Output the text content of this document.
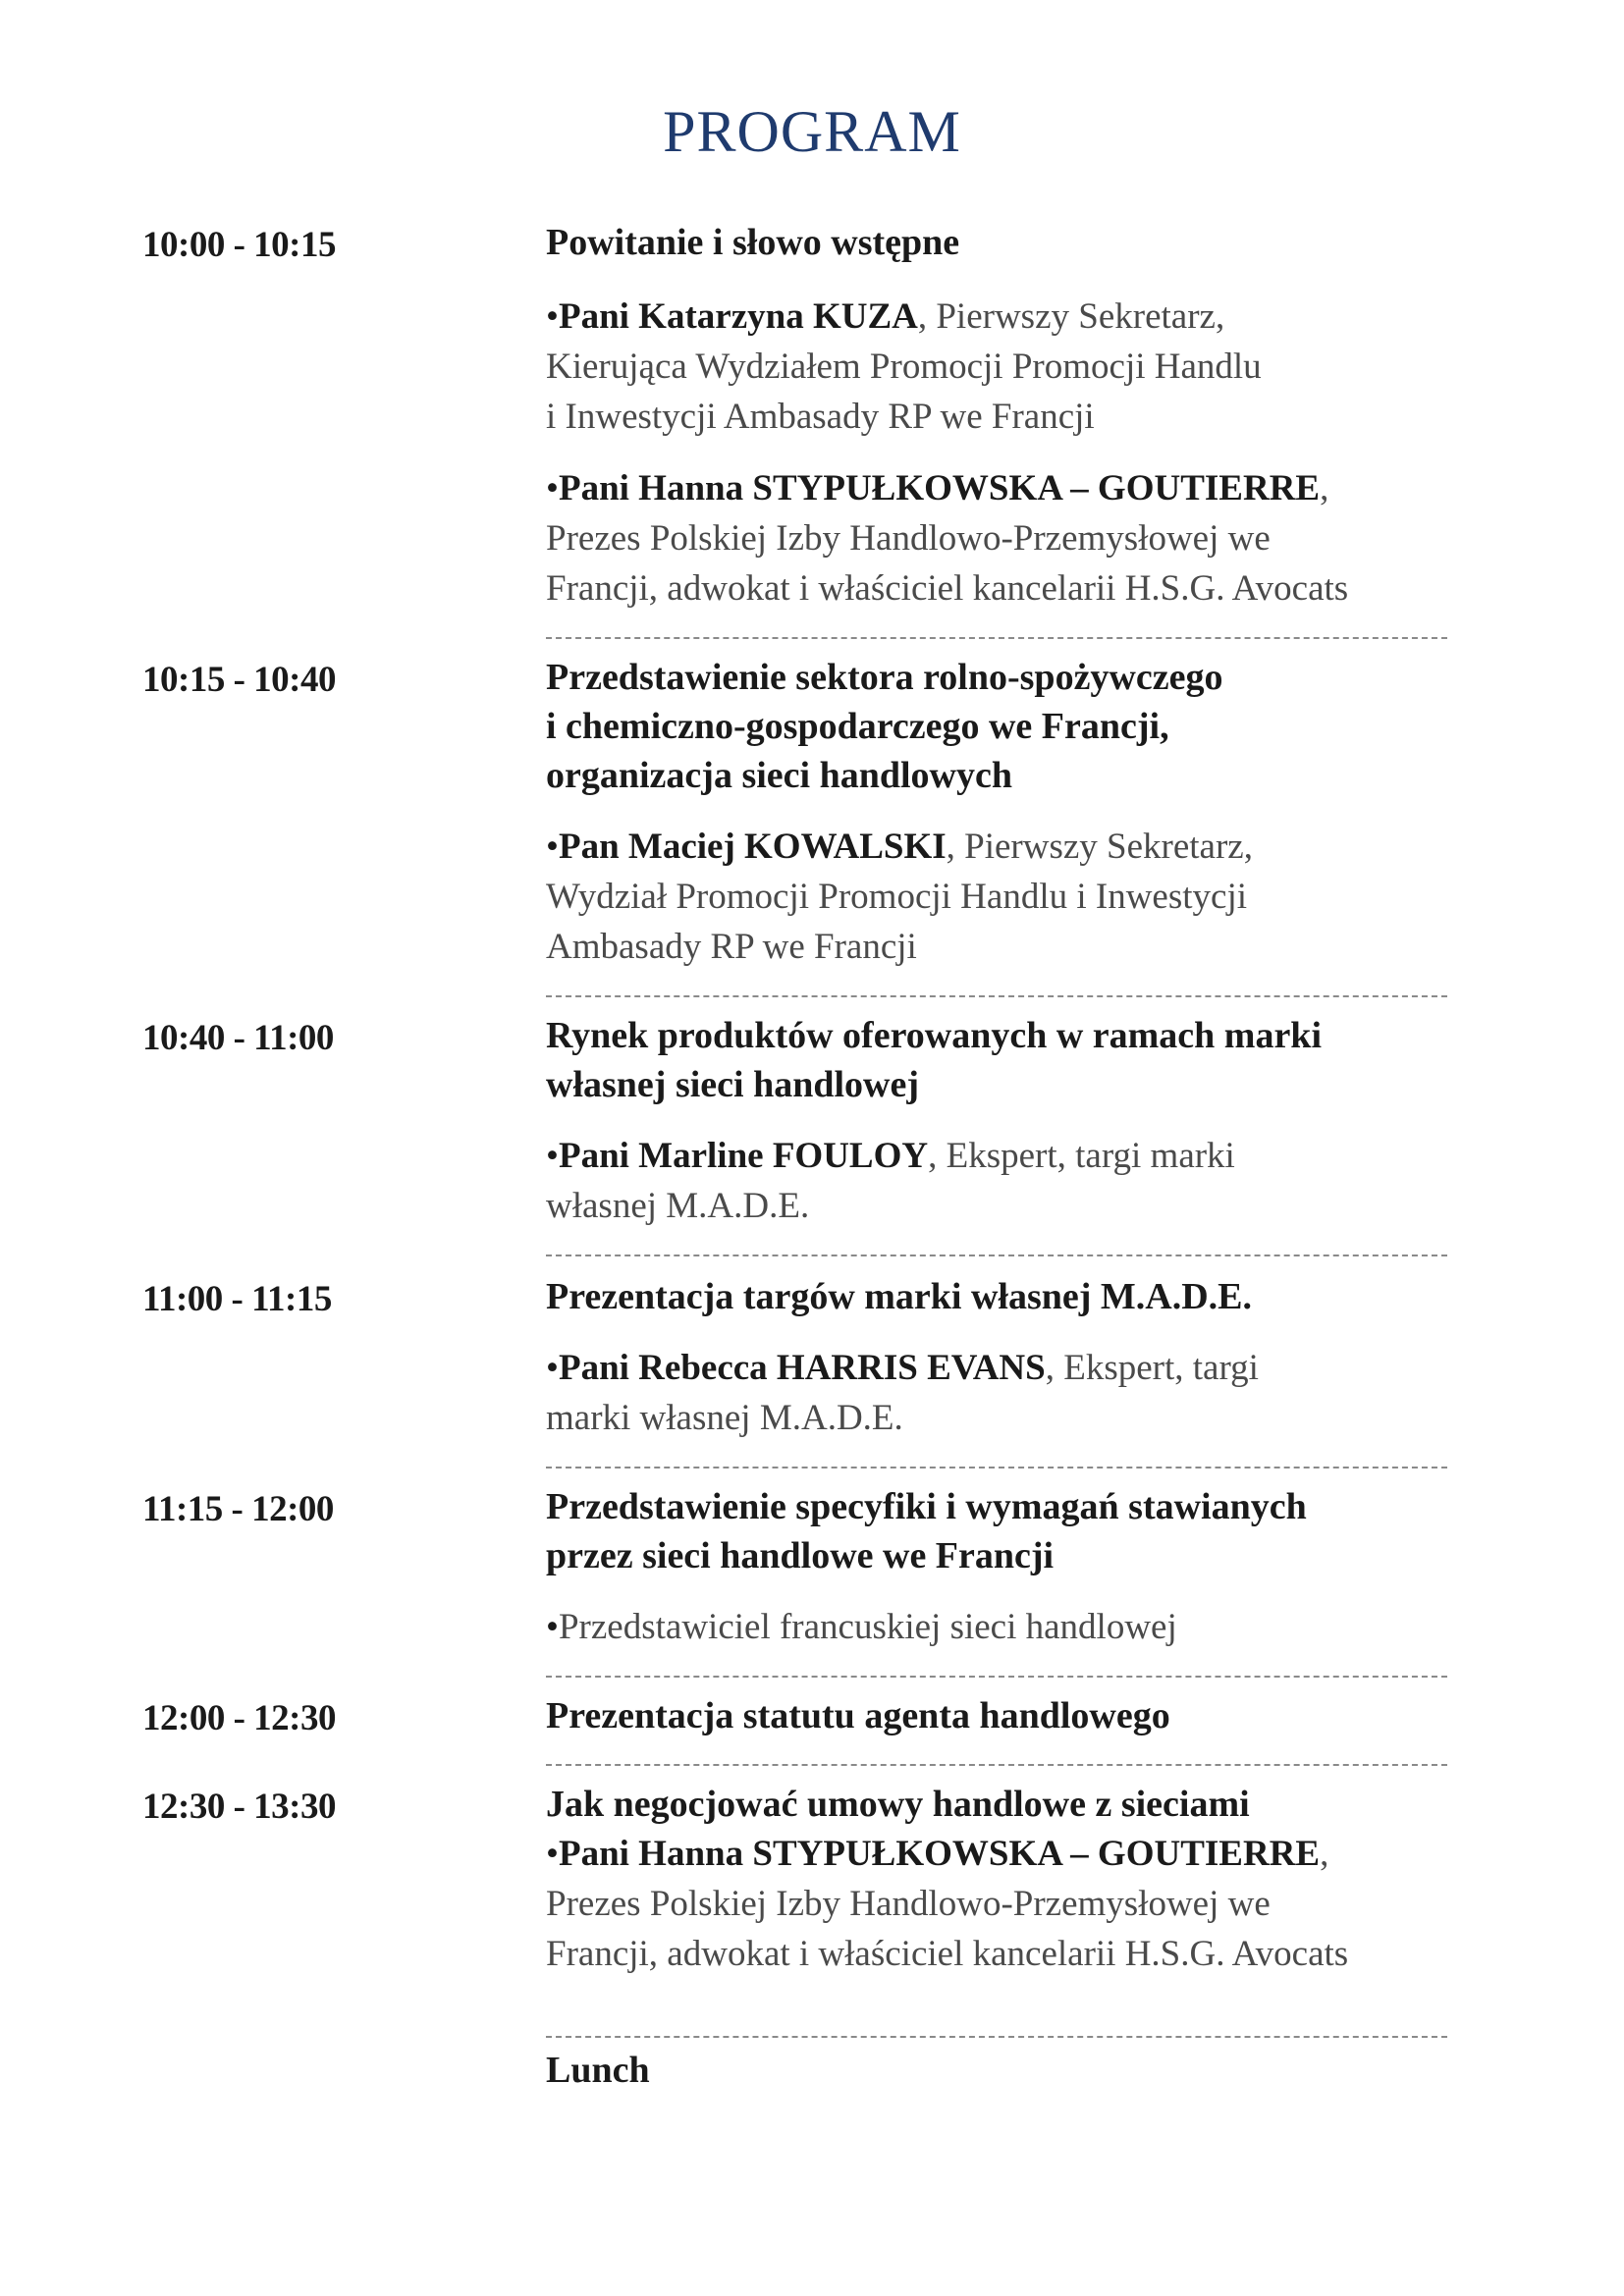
PROGRAM
10:00 - 10:15	Powitanie i słowo wstępne
•Pani Katarzyna KUZA, Pierwszy Sekretarz,
Kierująca Wydziałem Promocji Promocji Handlu
i Inwestycji Ambasady RP we Francji
•Pani Hanna STYPUŁKOWSKA – GOUTIERRE,
Prezes Polskiej Izby Handlowo-Przemysłowej we
Francji, adwokat i właściciel kancelarii H.S.G. Avocats
10:15 - 10:40	Przedstawienie sektora rolno-spożywczego
i chemiczno-gospodarczego we Francji,
organizacja sieci handlowych
•Pan Maciej KOWALSKI, Pierwszy Sekretarz,
Wydział Promocji Promocji Handlu i Inwestycji
Ambasady RP we Francji
10:40 - 11:00	Rynek produktów oferowanych w ramach marki
własnej sieci handlowej
•Pani Marline FOULOY, Ekspert, targi marki
własnej M.A.D.E.
11:00 - 11:15	Prezentacja targów marki własnej M.A.D.E.
•Pani Rebecca HARRIS EVANS, Ekspert, targi
marki własnej M.A.D.E.
11:15 - 12:00	Przedstawienie specyfiki i wymagań stawianych
przez sieci handlowe we Francji
•Przedstawiciel francuskiej sieci handlowej
12:00 - 12:30	Prezentacja statutu agenta handlowego
12:30 - 13:30	Jak negocjować umowy handlowe z sieciami
•Pani Hanna STYPUŁKOWSKA – GOUTIERRE,
Prezes Polskiej Izby Handlowo-Przemysłowej we
Francji, adwokat i właściciel kancelarii H.S.G. Avocats
Lunch
